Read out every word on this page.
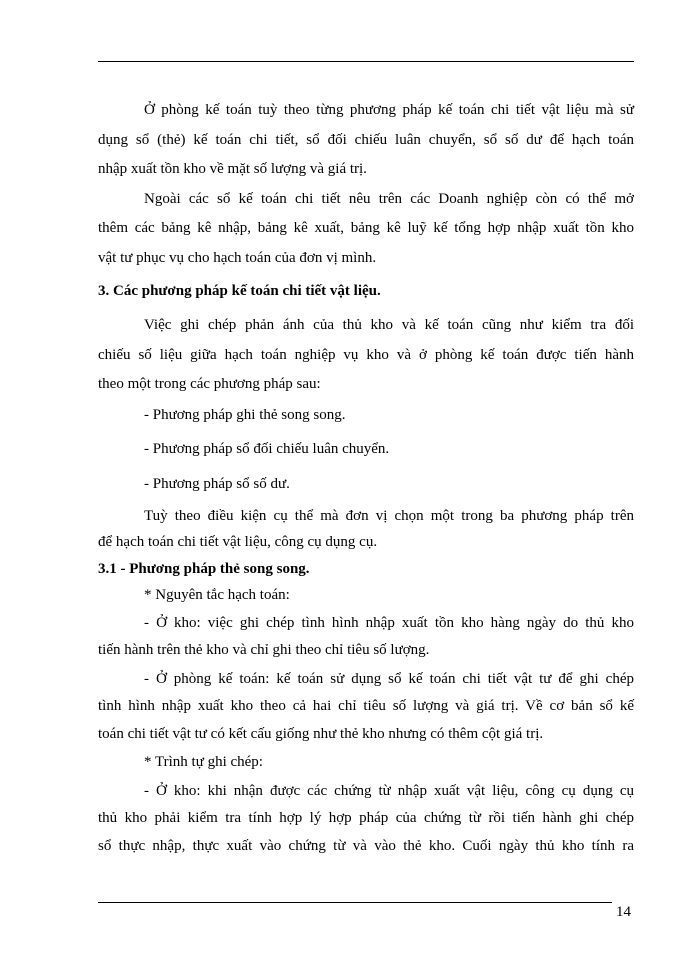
Ở phòng kế toán tuỳ theo từng phương pháp kế toán chi tiết vật liệu mà sử
dụng sổ (thẻ) kế toán chi tiết, sổ đối chiếu luân chuyển, sổ số dư để hạch toán
nhập xuất tồn kho về mặt số lượng và giá trị.
Ngoài các sổ kế toán chi tiết nêu trên các Doanh nghiệp còn có thể mở
thêm các bảng kê nhập, bảng kê xuất, bảng kê luỹ kế tổng hợp nhập xuất tồn kho
vật tư phục vụ cho hạch toán của đơn vị mình.
3. Các phương pháp kế toán chi tiết vật liệu.
Việc ghi chép phản ánh của thủ kho và kế toán cũng như kiểm tra đối
chiếu số liệu giữa hạch toán nghiệp vụ kho và ở phòng kế toán được tiến hành
theo một trong các phương pháp sau:
- Phương pháp ghi thẻ song song.
- Phương pháp sổ đối chiếu luân chuyển.
- Phương pháp sổ số dư.
Tuỳ theo điều kiện cụ thể mà đơn vị chọn một trong ba phương pháp trên
để hạch toán chi tiết vật liệu, công cụ dụng cụ.
3.1 - Phương pháp thẻ song song.
* Nguyên tắc hạch toán:
- Ở kho: việc ghi chép tình hình nhập xuất tồn kho hàng ngày do thủ kho
tiến hành trên thẻ kho và chỉ ghi theo chỉ tiêu số lượng.
- Ở phòng kế toán: kế toán sử dụng sổ kế toán chi tiết vật tư để ghi chép
tình hình nhập xuất kho theo cả hai chỉ tiêu số lượng và giá trị. Về cơ bản sổ kế
toán chi tiết vật tư có kết cấu giống như thẻ kho nhưng có thêm cột giá trị.
* Trình tự ghi chép:
- Ở kho: khi nhận được các chứng từ nhập xuất vật liệu, công cụ dụng cụ
thủ kho phải kiểm tra tính hợp lý hợp pháp của chứng từ rồi tiến hành ghi chép
sổ thực nhập, thực xuất vào chứng từ và vào thẻ kho. Cuối ngày thủ kho tính ra
14
